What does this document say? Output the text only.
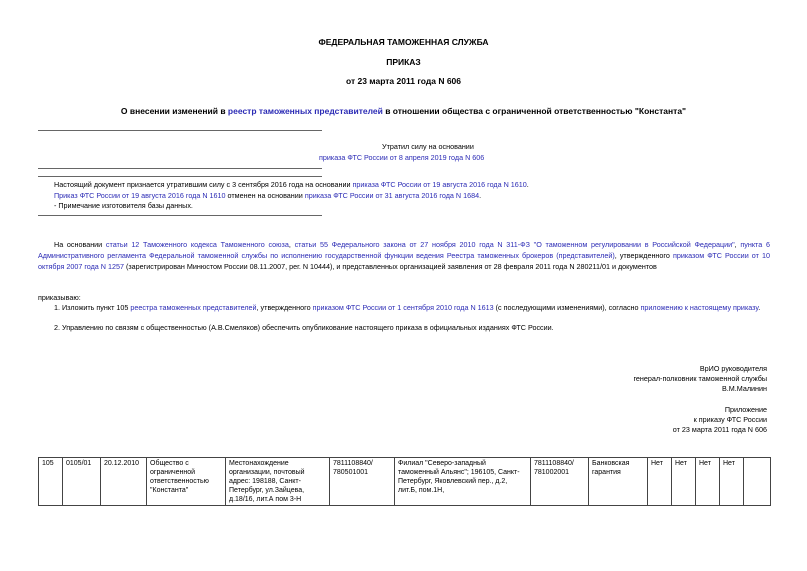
ФЕДЕРАЛЬНАЯ ТАМОЖЕННАЯ СЛУЖБА
ПРИКАЗ
от 23 марта 2011 года N 606
О внесении изменений в реестр таможенных представителей в отношении общества с ограниченной ответственностью "Константа"
Утратил силу на основании
приказа ФТС России от 8 апреля 2019 года N 606
Настоящий документ признается утратившим силу с 3 сентября 2016 года на основании приказа ФТС России от 19 августа 2016 года N 1610.
Приказ ФТС России от 19 августа 2016 года N 1610 отменен на основании приказа ФТС России от 31 августа 2016 года N 1684.
- Примечание изготовителя базы данных.
На основании статьи 12 Таможенного кодекса Таможенного союза, статьи 55 Федерального закона от 27 ноября 2010 года N 311-ФЗ "О таможенном регулировании в Российской Федерации", пункта 6 Административного регламента Федеральной таможенной службы по исполнению государственной функции ведения Реестра таможенных брокеров (представителей), утвержденного приказом ФТС России от 10 октября 2007 года N 1257 (зарегистрирован Минюстом России 08.11.2007, рег. N 10444), и представленных организацией заявления от 28 февраля 2011 года N 280211/01 и документов
приказываю:
1. Изложить пункт 105 реестра таможенных представителей, утвержденного приказом ФТС России от 1 сентября 2010 года N 1613 (с последующими изменениями), согласно приложению к настоящему приказу.
2. Управлению по связям с общественностью (А.В.Смеляков) обеспечить опубликование настоящего приказа в официальных изданиях ФТС России.
ВрИО руководителя
генерал-полковник таможенной службы
В.М.Малинин
Приложение
к приказу ФТС России
от 23 марта 2011 года N 606
105	0105/01	20.12.2010	Общество с ограниченной ответственностью "Константа"	Местонахождение организации, почтовый адрес: 198188, Санкт-Петербург, ул.Зайцева, д.18/16, лит.А пом 3-Н	7811108840/ 780501001	Филиал "Северо-западный таможенный Альянс"; 196105, Санкт-Петербург, Яковлевский пер., д.2, лит.Б, пом.1Н,	7811108840/ 781002001	Банковская гарантия	Нет	Нет	Нет	Нет	
